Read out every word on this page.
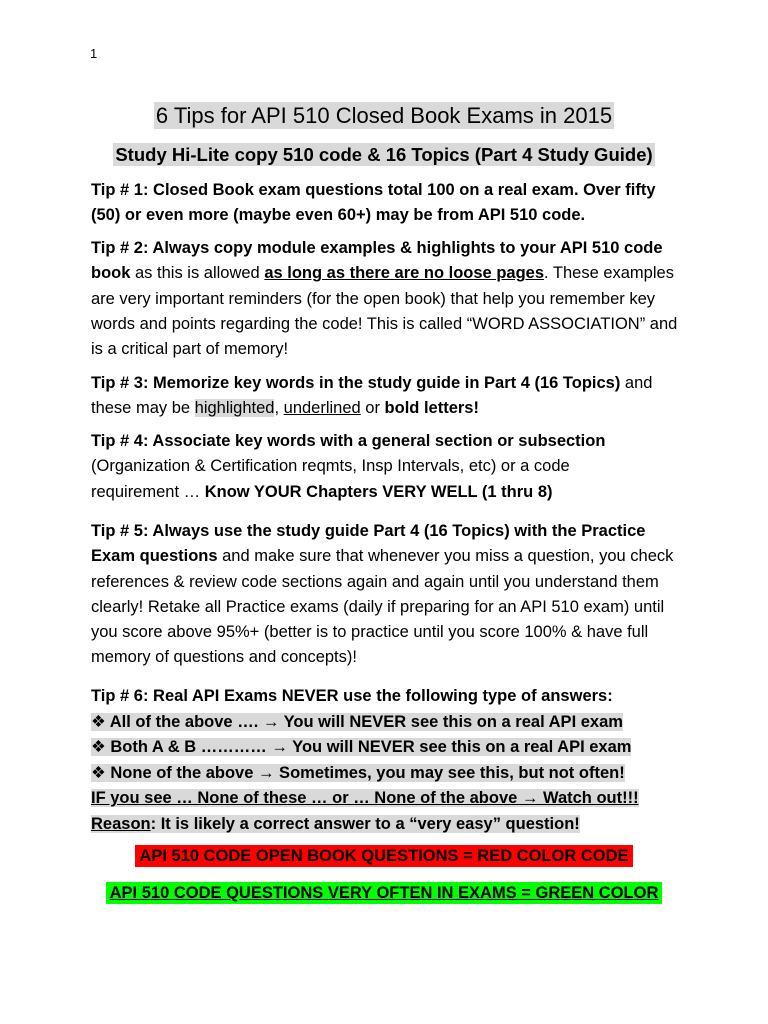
1
6 Tips for API 510 Closed Book Exams in 2015
Study Hi-Lite copy 510 code & 16 Topics (Part 4 Study Guide)
Tip # 1: Closed Book exam questions total 100 on a real exam. Over fifty (50) or even more (maybe even 60+) may be from API 510 code.
Tip # 2: Always copy module examples & highlights to your API 510 code book as this is allowed as long as there are no loose pages. These examples are very important reminders (for the open book) that help you remember key words and points regarding the code! This is called “WORD ASSOCIATION” and is a critical part of memory!
Tip # 3: Memorize key words in the study guide in Part 4 (16 Topics) and these may be highlighted, underlined or bold letters!
Tip # 4: Associate key words with a general section or subsection (Organization & Certification reqmts, Insp Intervals, etc) or a code requirement … Know YOUR Chapters VERY WELL (1 thru 8)
Tip # 5: Always use the study guide Part 4 (16 Topics) with the Practice Exam questions and make sure that whenever you miss a question, you check references & review code sections again and again until you understand them clearly! Retake all Practice exams (daily if preparing for an API 510 exam) until you score above 95%+ (better is to practice until you score 100% & have full memory of questions and concepts)!
Tip # 6: Real API Exams NEVER use the following type of answers:
❖ All of the above …. → You will NEVER see this on a real API exam
❖ Both A & B ………… → You will NEVER see this on a real API exam
❖ None of the above → Sometimes, you may see this, but not often!
IF you see … None of these … or … None of the above → Watch out!!!
Reason: It is likely a correct answer to a “very easy” question!
API 510 CODE OPEN BOOK QUESTIONS = RED COLOR CODE
API 510 CODE QUESTIONS VERY OFTEN IN EXAMS = GREEN COLOR
